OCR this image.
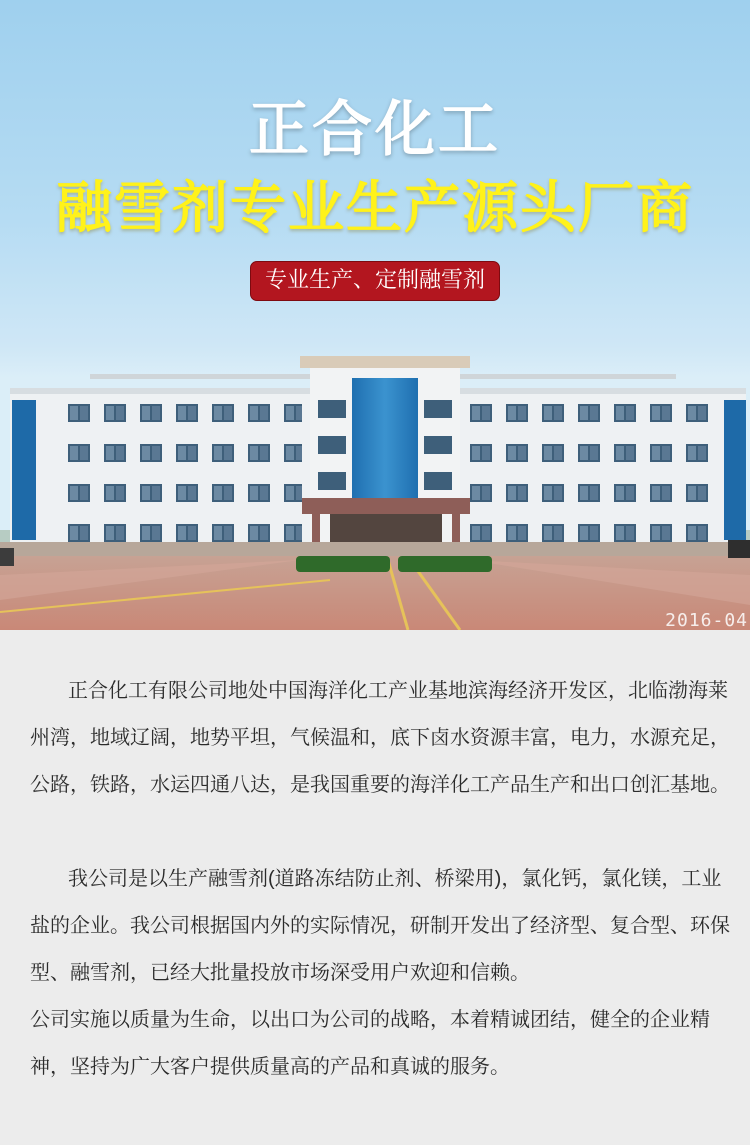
正合化工
融雪剂专业生产源头厂商
专业生产、定制融雪剂
2016-04

正合化工有限公司地处中国海洋化工产业基地滨海经济开发区，北临渤海莱州湾，地域辽阔，地势平坦，气候温和，底下卤水资源丰富，电力，水源充足，公路，铁路，水运四通八达，是我国重要的海洋化工产品生产和出口创汇基地。

我公司是以生产融雪剂(道路冻结防止剂、桥梁用)，氯化钙，氯化镁，工业盐的企业。我公司根据国内外的实际情况，研制开发出了经济型、复合型、环保型、融雪剂，已经大批量投放市场深受用户欢迎和信赖。

公司实施以质量为生命，以出口为公司的战略，本着精诚团结，健全的企业精神，坚持为广大客户提供质量高的产品和真诚的服务。
